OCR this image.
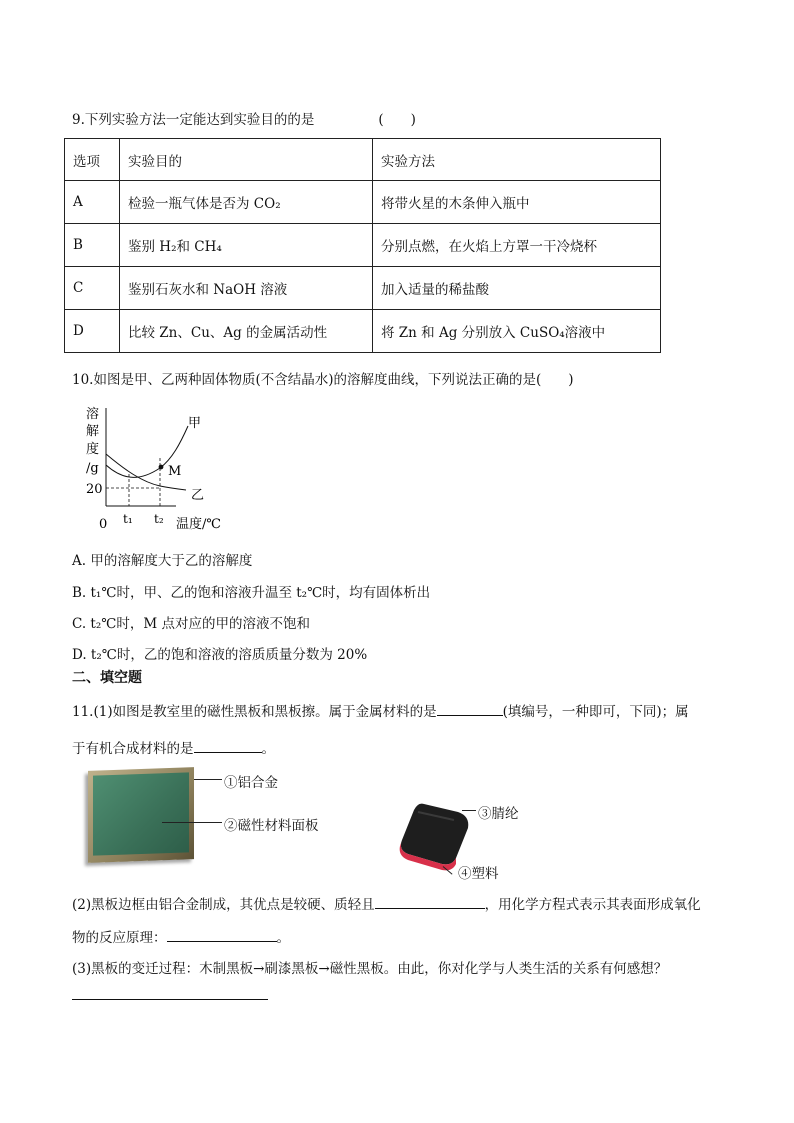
9.下列实验方法一定能达到实验目的的是	(　　)
选项	实验目的	实验方法
A	检验一瓶气体是否为 CO₂	将带火星的木条伸入瓶中
B	鉴别 H₂和 CH₄	分别点燃，在火焰上方罩一干冷烧杯
C	鉴别石灰水和 NaOH 溶液	加入适量的稀盐酸
D	比较 Zn、Cu、Ag 的金属活动性	将 Zn 和 Ag 分别放入 CuSO₄溶液中
10.如图是甲、乙两种固体物质(不含结晶水)的溶解度曲线，下列说法正确的是(　　)
溶
解
度
/g	M
甲
乙
20
0 t₁ t₂ 温度/℃
A. 甲的溶解度大于乙的溶解度
B. t₁℃时，甲、乙的饱和溶液升温至 t₂℃时，均有固体析出
C. t₂℃时，M 点对应的甲的溶液不饱和
D. t₂℃时，乙的饱和溶液的溶质质量分数为 20%
二、填空题
11.(1)如图是教室里的磁性黑板和黑板擦。属于金属材料的是	(填编号，一种即可，下同)；属
于有机合成材料的是	。
①铝合金
②磁性材料面板
③腈纶
④塑料
(2)黑板边框由铝合金制成，其优点是较硬、质轻且	，用化学方程式表示其表面形成氧化
物的反应原理：	。
(3)黑板的变迁过程：木制黑板→刷漆黑板→磁性黑板。由此，你对化学与人类生活的关系有何感想？
